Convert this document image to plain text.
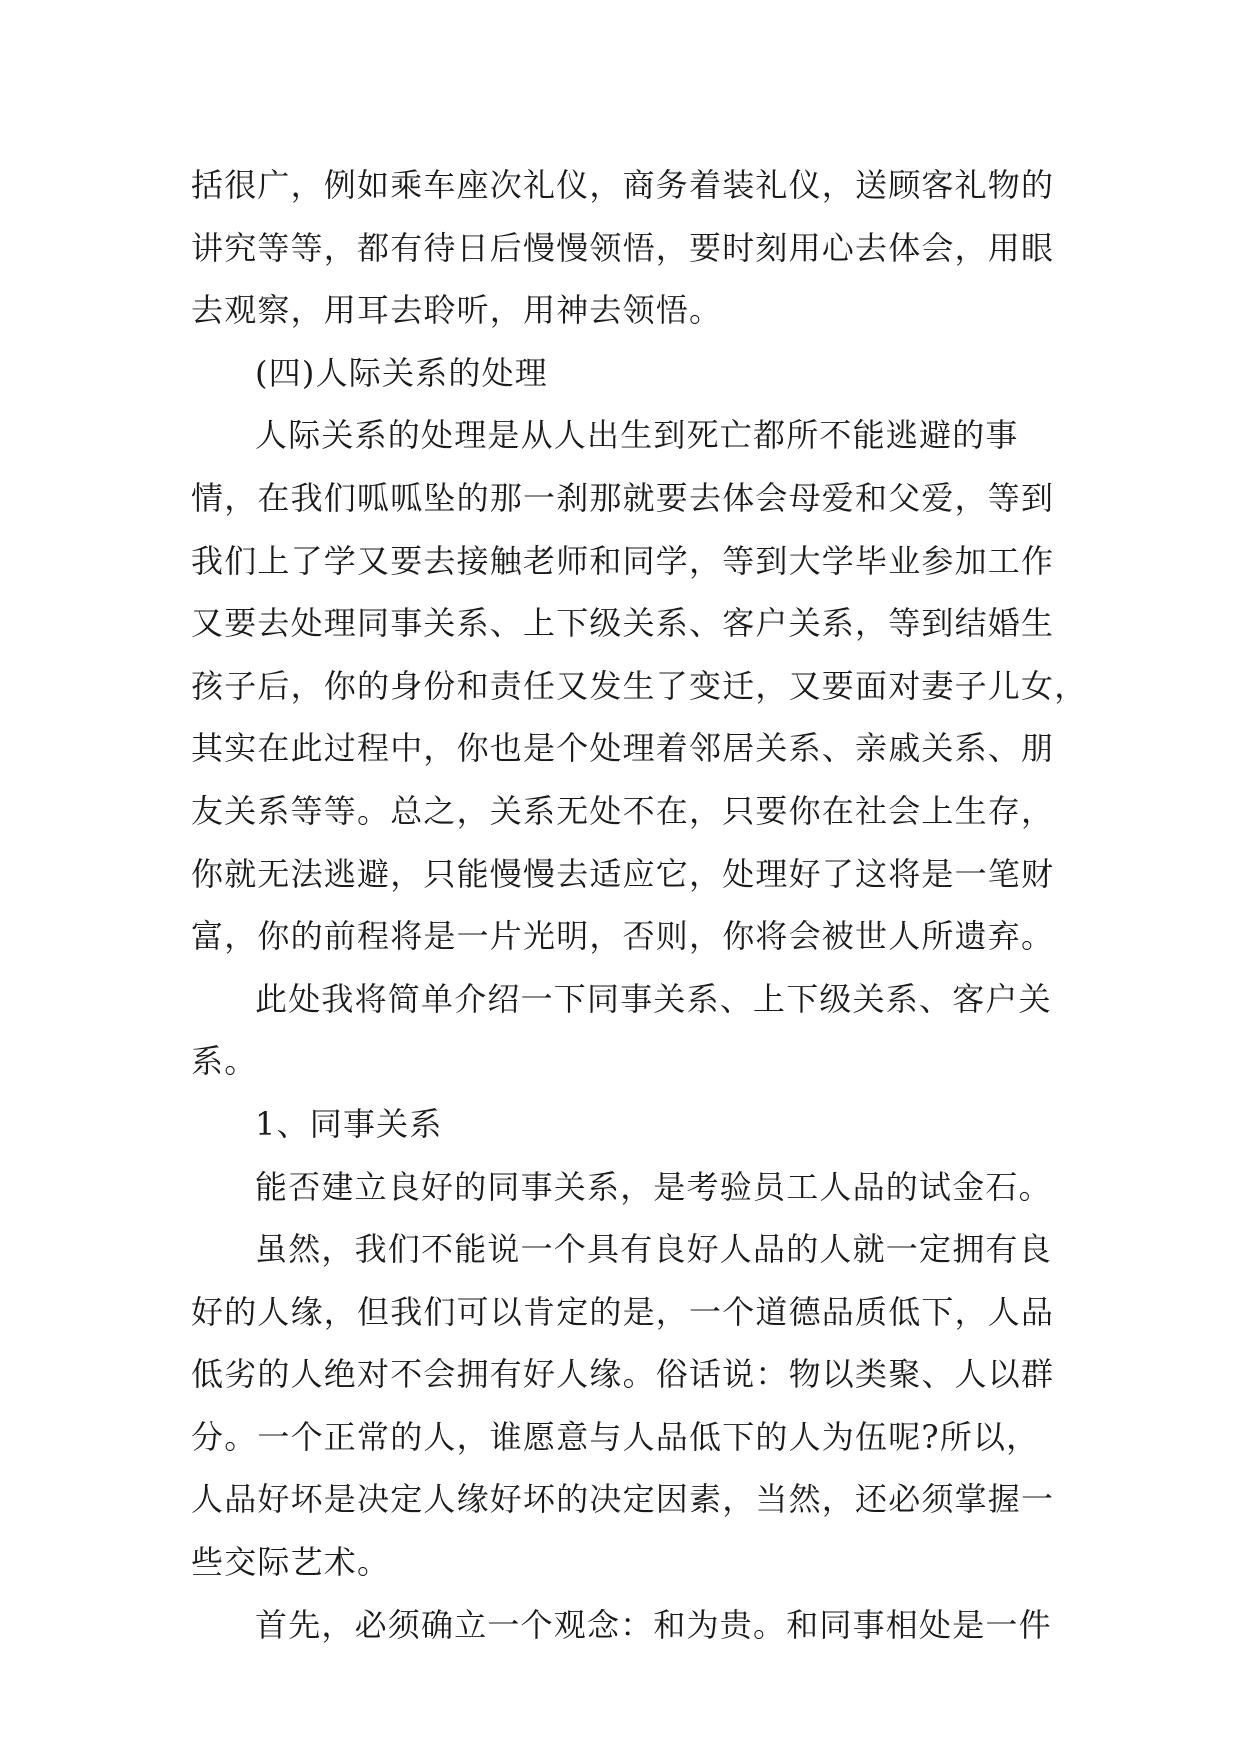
括很广，例如乘车座次礼仪，商务着装礼仪，送顾客礼物的
讲究等等，都有待日后慢慢领悟，要时刻用心去体会，用眼
去观察，用耳去聆听，用神去领悟。
(四)人际关系的处理
人际关系的处理是从人出生到死亡都所不能逃避的事
情，在我们呱呱坠的那一刹那就要去体会母爱和父爱，等到
我们上了学又要去接触老师和同学，等到大学毕业参加工作
又要去处理同事关系、上下级关系、客户关系，等到结婚生
孩子后，你的身份和责任又发生了变迁，又要面对妻子儿女，
其实在此过程中，你也是个处理着邻居关系、亲戚关系、朋
友关系等等。总之，关系无处不在，只要你在社会上生存，
你就无法逃避，只能慢慢去适应它，处理好了这将是一笔财
富，你的前程将是一片光明，否则，你将会被世人所遗弃。
此处我将简单介绍一下同事关系、上下级关系、客户关
系。
1、同事关系
能否建立良好的同事关系，是考验员工人品的试金石。
虽然，我们不能说一个具有良好人品的人就一定拥有良
好的人缘，但我们可以肯定的是，一个道德品质低下，人品
低劣的人绝对不会拥有好人缘。俗话说：物以类聚、人以群
分。一个正常的人，谁愿意与人品低下的人为伍呢?所以，
人品好坏是决定人缘好坏的决定因素，当然，还必须掌握一
些交际艺术。
首先，必须确立一个观念：和为贵。和同事相处是一件
